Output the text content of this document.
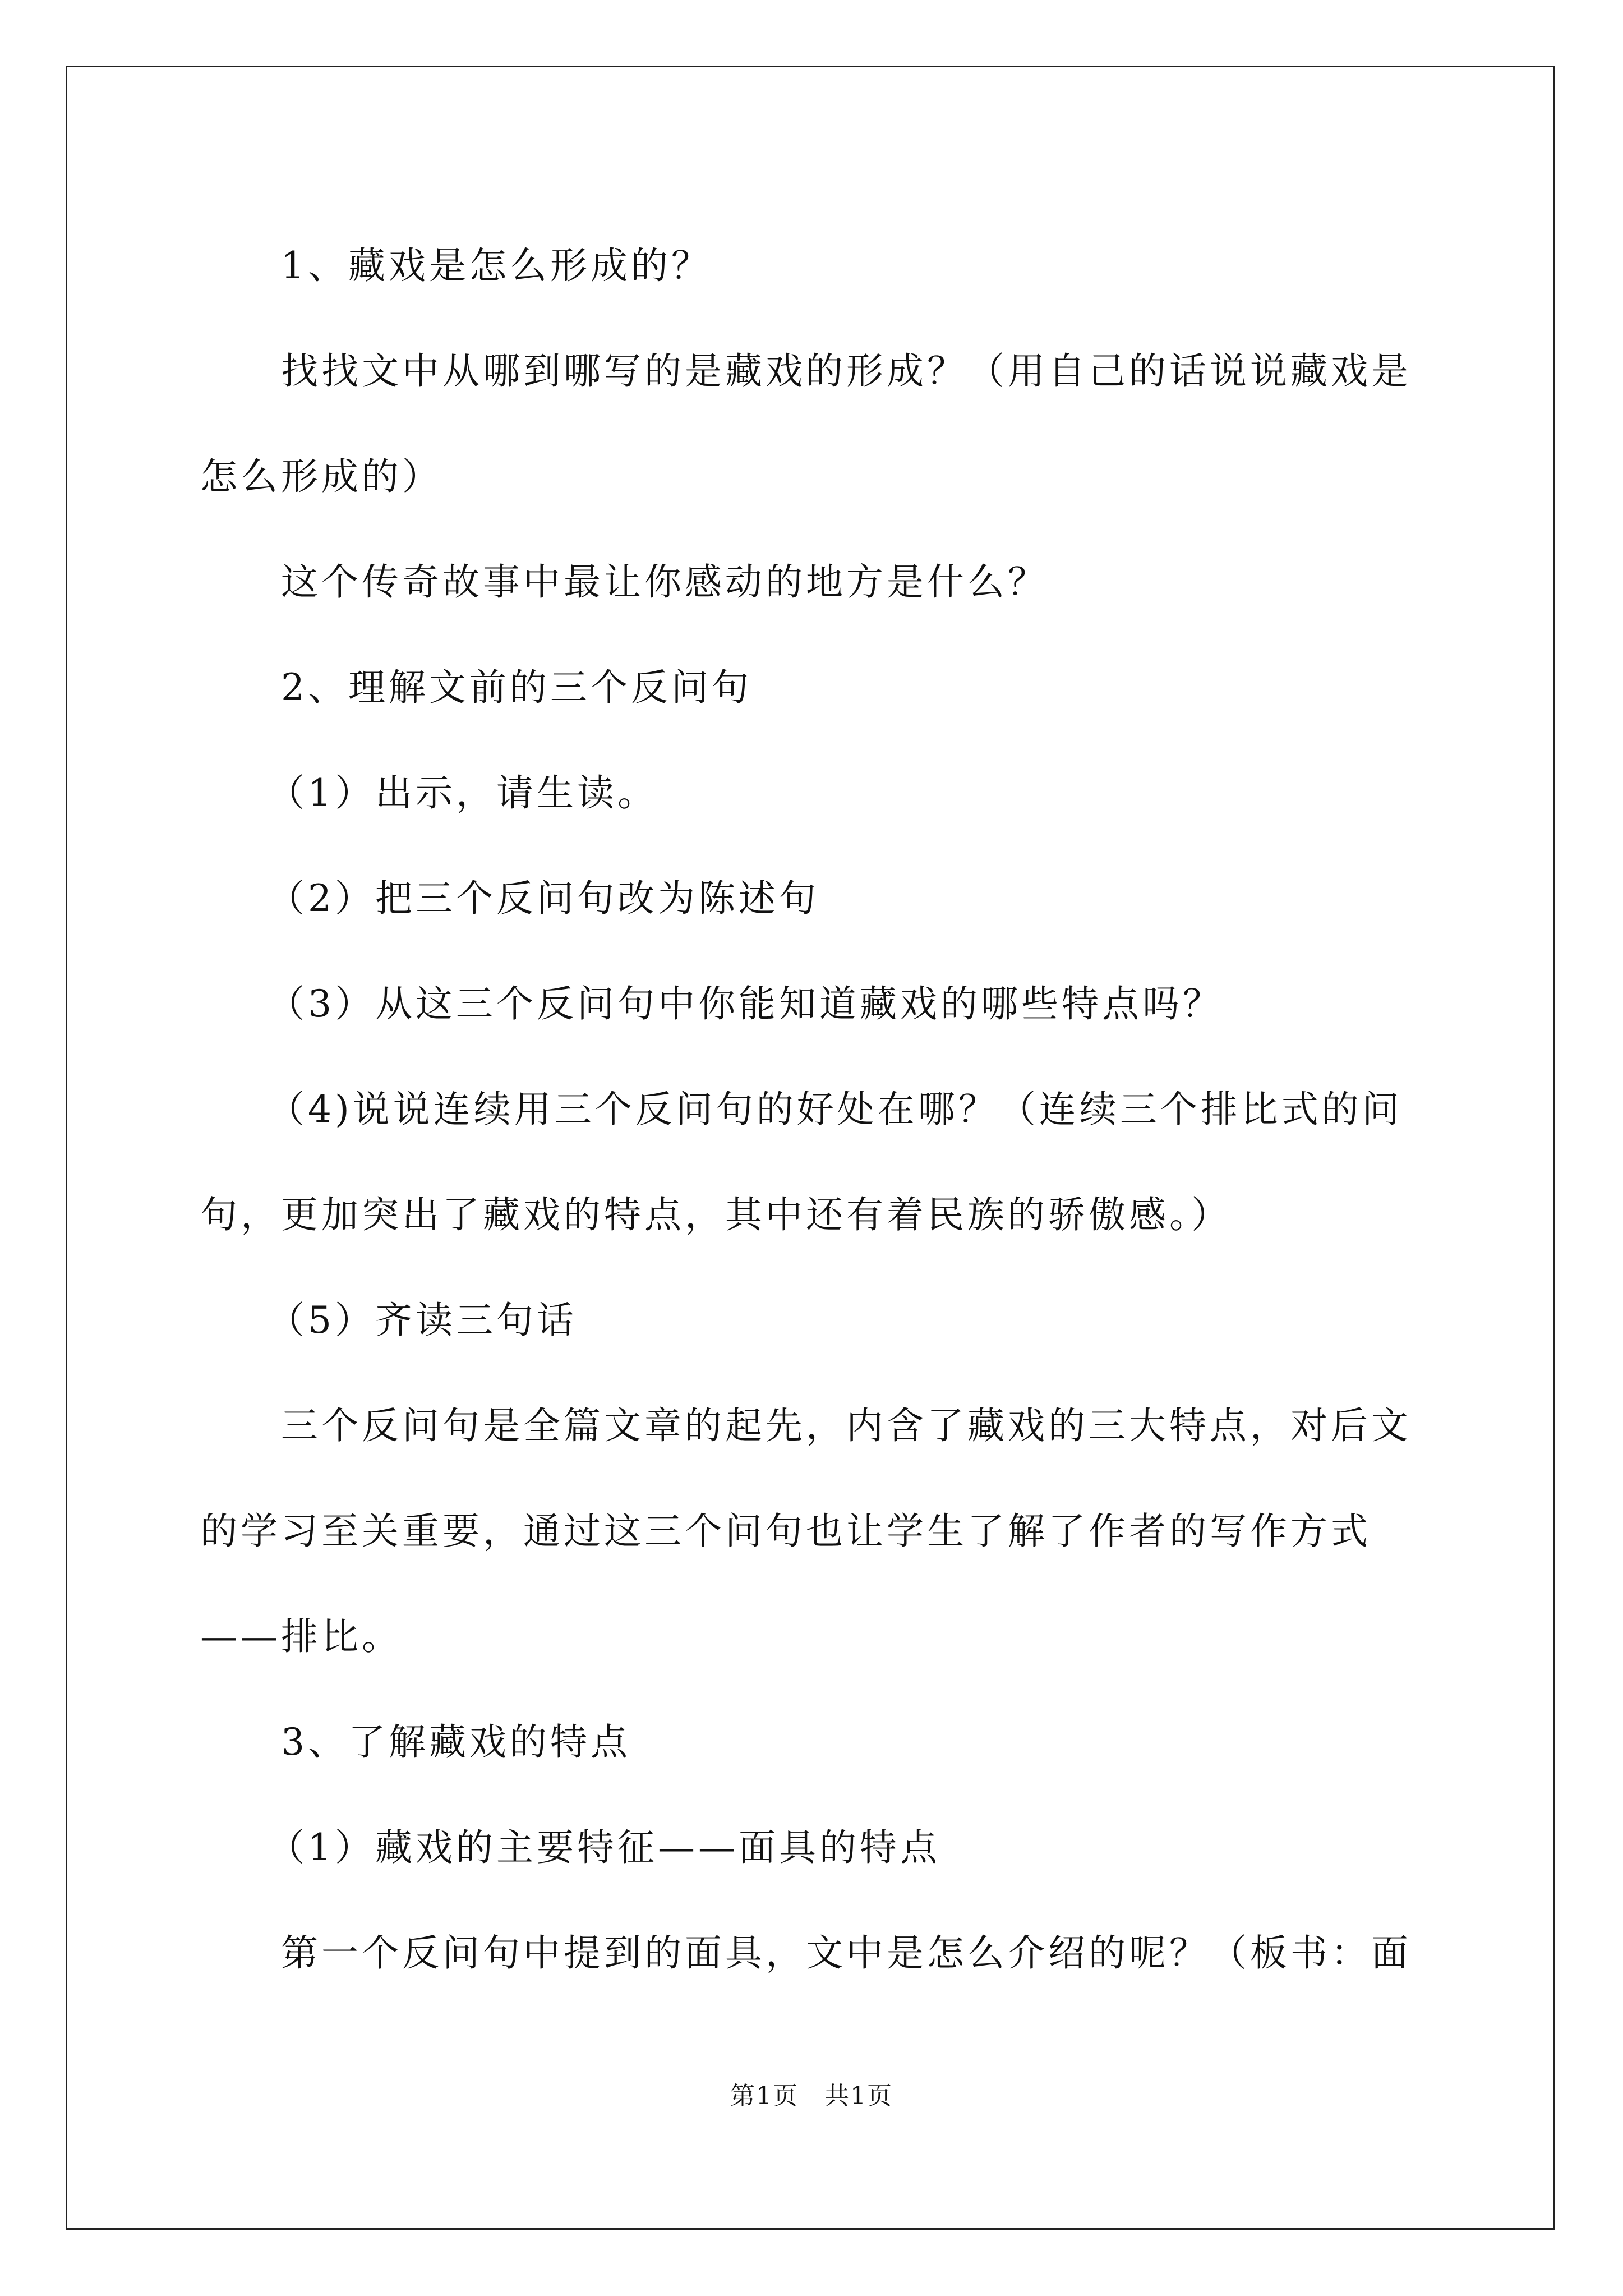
1、藏戏是怎么形成的？

找找文中从哪到哪写的是藏戏的形成？（用自己的话说说藏戏是怎么形成的）

这个传奇故事中最让你感动的地方是什么？

2、理解文前的三个反问句

（1）出示，请生读。

（2）把三个反问句改为陈述句

（3）从这三个反问句中你能知道藏戏的哪些特点吗？

（4)说说连续用三个反问句的好处在哪？（连续三个排比式的问句，更加突出了藏戏的特点，其中还有着民族的骄傲感。）

（5）齐读三句话

三个反问句是全篇文章的起先，内含了藏戏的三大特点，对后文的学习至关重要，通过这三个问句也让学生了解了作者的写作方式——排比。

3、了解藏戏的特点

（1）藏戏的主要特征——面具的特点

第一个反问句中提到的面具，文中是怎么介绍的呢？（板书：面

第1页　共1页
